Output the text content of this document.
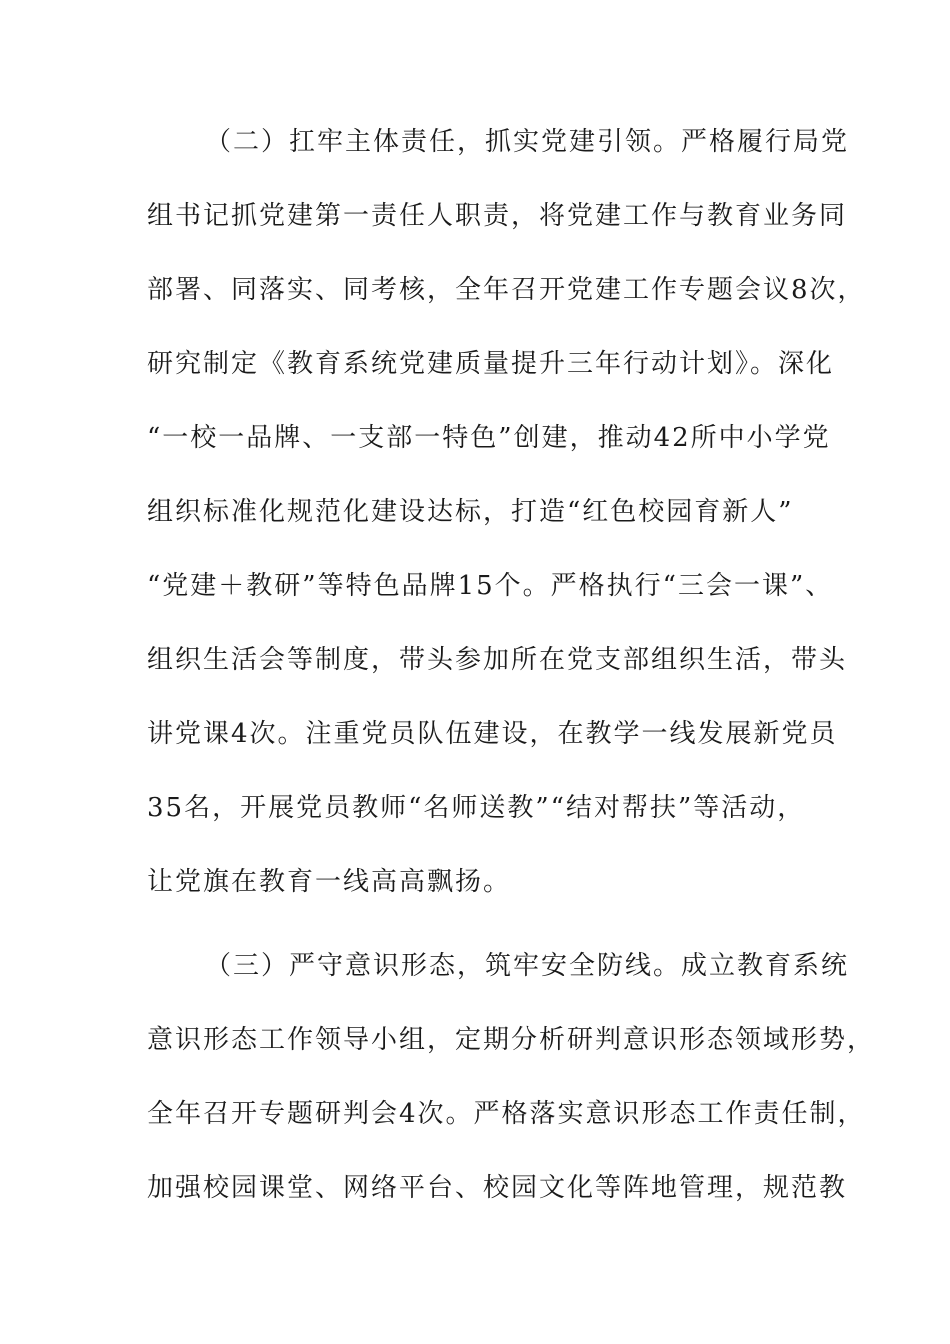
（二）扛牢主体责任，抓实党建引领。严格履行局党
组书记抓党建第一责任人职责，将党建工作与教育业务同
部署、同落实、同考核，全年召开党建工作专题会议8次，
研究制定《教育系统党建质量提升三年行动计划》。深化
“一校一品牌、一支部一特色”创建，推动42所中小学党
组织标准化规范化建设达标，打造“红色校园育新人”
“党建＋教研”等特色品牌15个。严格执行“三会一课”、
组织生活会等制度，带头参加所在党支部组织生活，带头
讲党课4次。注重党员队伍建设，在教学一线发展新党员
35名，开展党员教师“名师送教”“结对帮扶”等活动，
让党旗在教育一线高高飘扬。
（三）严守意识形态，筑牢安全防线。成立教育系统
意识形态工作领导小组，定期分析研判意识形态领域形势，
全年召开专题研判会4次。严格落实意识形态工作责任制，
加强校园课堂、网络平台、校园文化等阵地管理，规范教
